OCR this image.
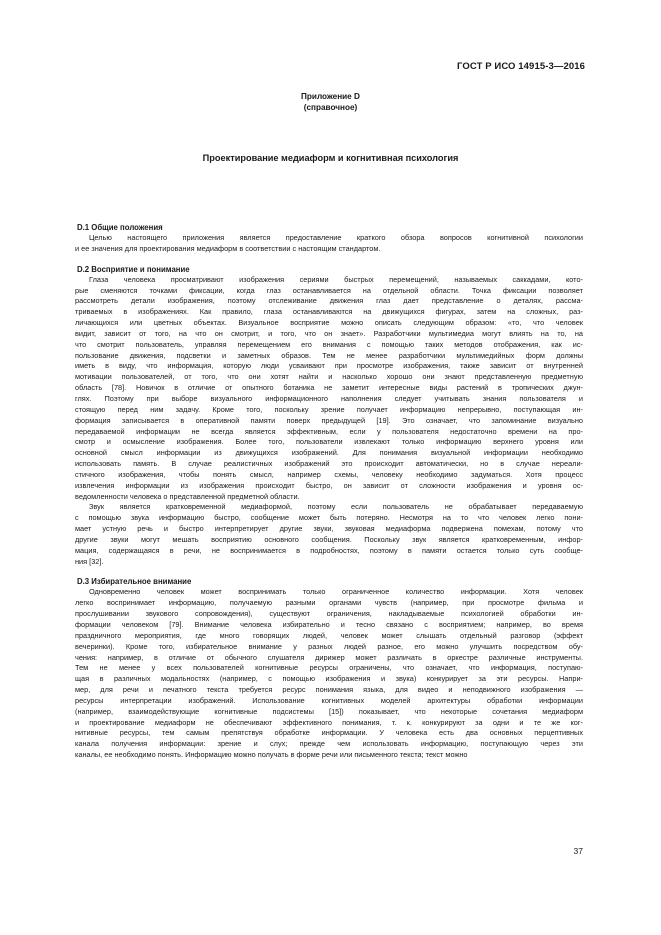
ГОСТ Р ИСО 14915-3—2016
Приложение D
(справочное)
Проектирование медиаформ и когнитивная психология
D.1 Общие положения
Целью настоящего приложения является предоставление краткого обзора вопросов когнитивной психологии
и ее значения для проектирования медиаформ в соответствии с настоящим стандартом.
D.2 Восприятие и понимание
Глаза человека просматривают изображения сериями быстрых перемещений, называемых саккадами, кото-
рые сменяются точками фиксации, когда глаз останавливается на отдельной области. Точка фиксации позволяет
рассмотреть детали изображения, поэтому отслеживание движения глаз дает представление о деталях, рассма-
триваемых в изображениях. Как правило, глаза останавливаются на движущихся фигурах, затем на сложных, раз-
личающихся или цветных объектах. Визуальное восприятие можно описать следующим образом: «то, что человек
видит, зависит от того, на что он смотрит, и того, что он знает». Разработчики мультимедиа могут влиять на то, на
что смотрит пользователь, управляя перемещением его внимания с помощью таких методов отображения, как ис-
пользование движения, подсветки и заметных образов. Тем не менее разработчики мультимедийных форм должны
иметь в виду, что информация, которую люди усваивают при просмотре изображения, также зависит от внутренней
мотивации пользователей, от того, что они хотят найти и насколько хорошо они знают представленную предметную
область [78]. Новичок в отличие от опытного ботаника не заметит интересные виды растений в тропических джун-
глях. Поэтому при выборе визуального информационного наполнения следует учитывать знания пользователя и
стоящую перед ним задачу. Кроме того, поскольку зрение получает информацию непрерывно, поступающая ин-
формация записывается в оперативной памяти поверх предыдущей [19]. Это означает, что запоминание визуально
передаваемой информации не всегда является эффективным, если у пользователя недостаточно времени на про-
смотр и осмысление изображения. Более того, пользователи извлекают только информацию верхнего уровня или
основной смысл информации из движущихся изображений. Для понимания визуальной информации необходимо
использовать память. В случае реалистичных изображений это происходит автоматически, но в случае нереали-
стичного изображения, чтобы понять смысл, например схемы, человеку необходимо задуматься. Хотя процесс
извлечения информации из изображения происходит быстро, он зависит от сложности изображения и уровня ос-
ведомленности человека о представленной предметной области.
Звук является кратковременной медиаформой, поэтому если пользователь не обрабатывает передаваемую
с помощью звука информацию быстро, сообщение может быть потеряно. Несмотря на то что человек легко пони-
мает устную речь и быстро интерпретирует другие звуки, звуковая медиаформа подвержена помехам, потому что
другие звуки могут мешать восприятию основного сообщения. Поскольку звук является кратковременным, инфор-
мация, содержащаяся в речи, не воспринимается в подробностях, поэтому в памяти остается только суть сообще-
ния [32].
D.3 Избирательное внимание
Одновременно человек может воспринимать только ограниченное количество информации. Хотя человек
легко воспринимает информацию, получаемую разными органами чувств (например, при просмотре фильма и
прослушивании звукового сопровождения), существуют ограничения, накладываемые психологией обработки ин-
формации человеком [79]. Внимание человека избирательно и тесно связано с восприятием; например, во время
праздничного мероприятия, где много говорящих людей, человек может слышать отдельный разговор (эффект
вечеринки). Кроме того, избирательное внимание у разных людей разное, его можно улучшить посредством обу-
чения: например, в отличие от обычного слушателя дирижер может различать в оркестре различные инструменты.
Тем не менее у всех пользователей когнитивные ресурсы ограничены, что означает, что информация, поступаю-
щая в различных модальностях (например, с помощью изображения и звука) конкурирует за эти ресурсы. Напри-
мер, для речи и печатного текста требуется ресурс понимания языка, для видео и неподвижного изображения —
ресурсы интерпретации изображений. Использование когнитивных моделей архитектуры обработки информации
(например, взаимодействующие когнитивные подсистемы [15]) показывает, что некоторые сочетания медиаформ
и проектирование медиаформ не обеспечивают эффективного понимания, т. к. конкурируют за одни и те же ког-
нитивные ресурсы, тем самым препятствуя обработке информации. У человека есть два основных перцептивных
канала получения информации: зрение и слух; прежде чем использовать информацию, поступающую через эти
каналы, ее необходимо понять. Информацию можно получать в форме речи или письменного текста; текст можно
37
